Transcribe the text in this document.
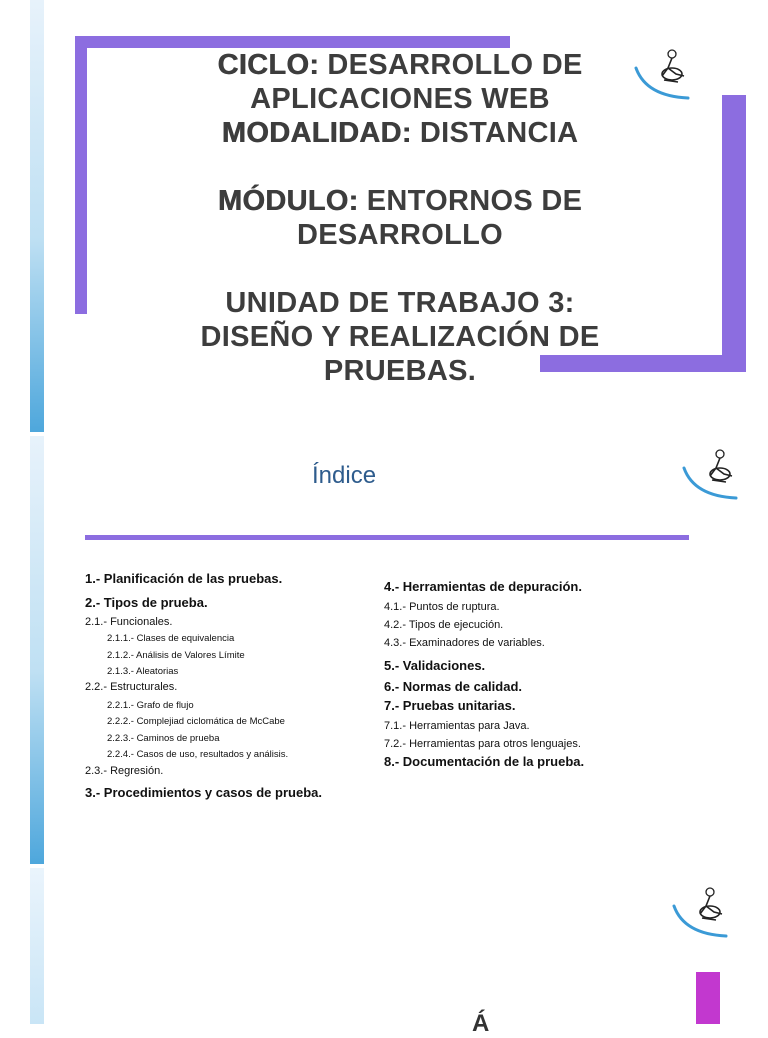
CICLO: DESARROLLO DE
APLICACIONES WEB
MODALIDAD: DISTANCIA
MÓDULO: ENTORNOS DE
DESARROLLO
UNIDAD DE TRABAJO 3:
DISEÑO Y REALIZACIÓN DE
PRUEBAS.
Índice
1.- Planificación de las pruebas.
2.- Tipos de prueba.
2.1.- Funcionales.
2.1.1.- Clases de equivalencia
2.1.2.- Análisis de Valores Límite
2.1.3.- Aleatorias
2.2.- Estructurales.
2.2.1.- Grafo de flujo
2.2.2.- Complejiad ciclomática de McCabe
2.2.3.- Caminos de prueba
2.2.4.- Casos de uso, resultados y análisis.
2.3.- Regresión.
3.- Procedimientos y casos de prueba.
4.- Herramientas de depuración.
4.1.- Puntos de ruptura.
4.2.- Tipos de ejecución.
4.3.- Examinadores de variables.
5.- Validaciones.
6.- Normas de calidad.
7.- Pruebas unitarias.
7.1.- Herramientas para Java.
7.2.- Herramientas para otros lenguajes.
8.- Documentación de la prueba.
Á
